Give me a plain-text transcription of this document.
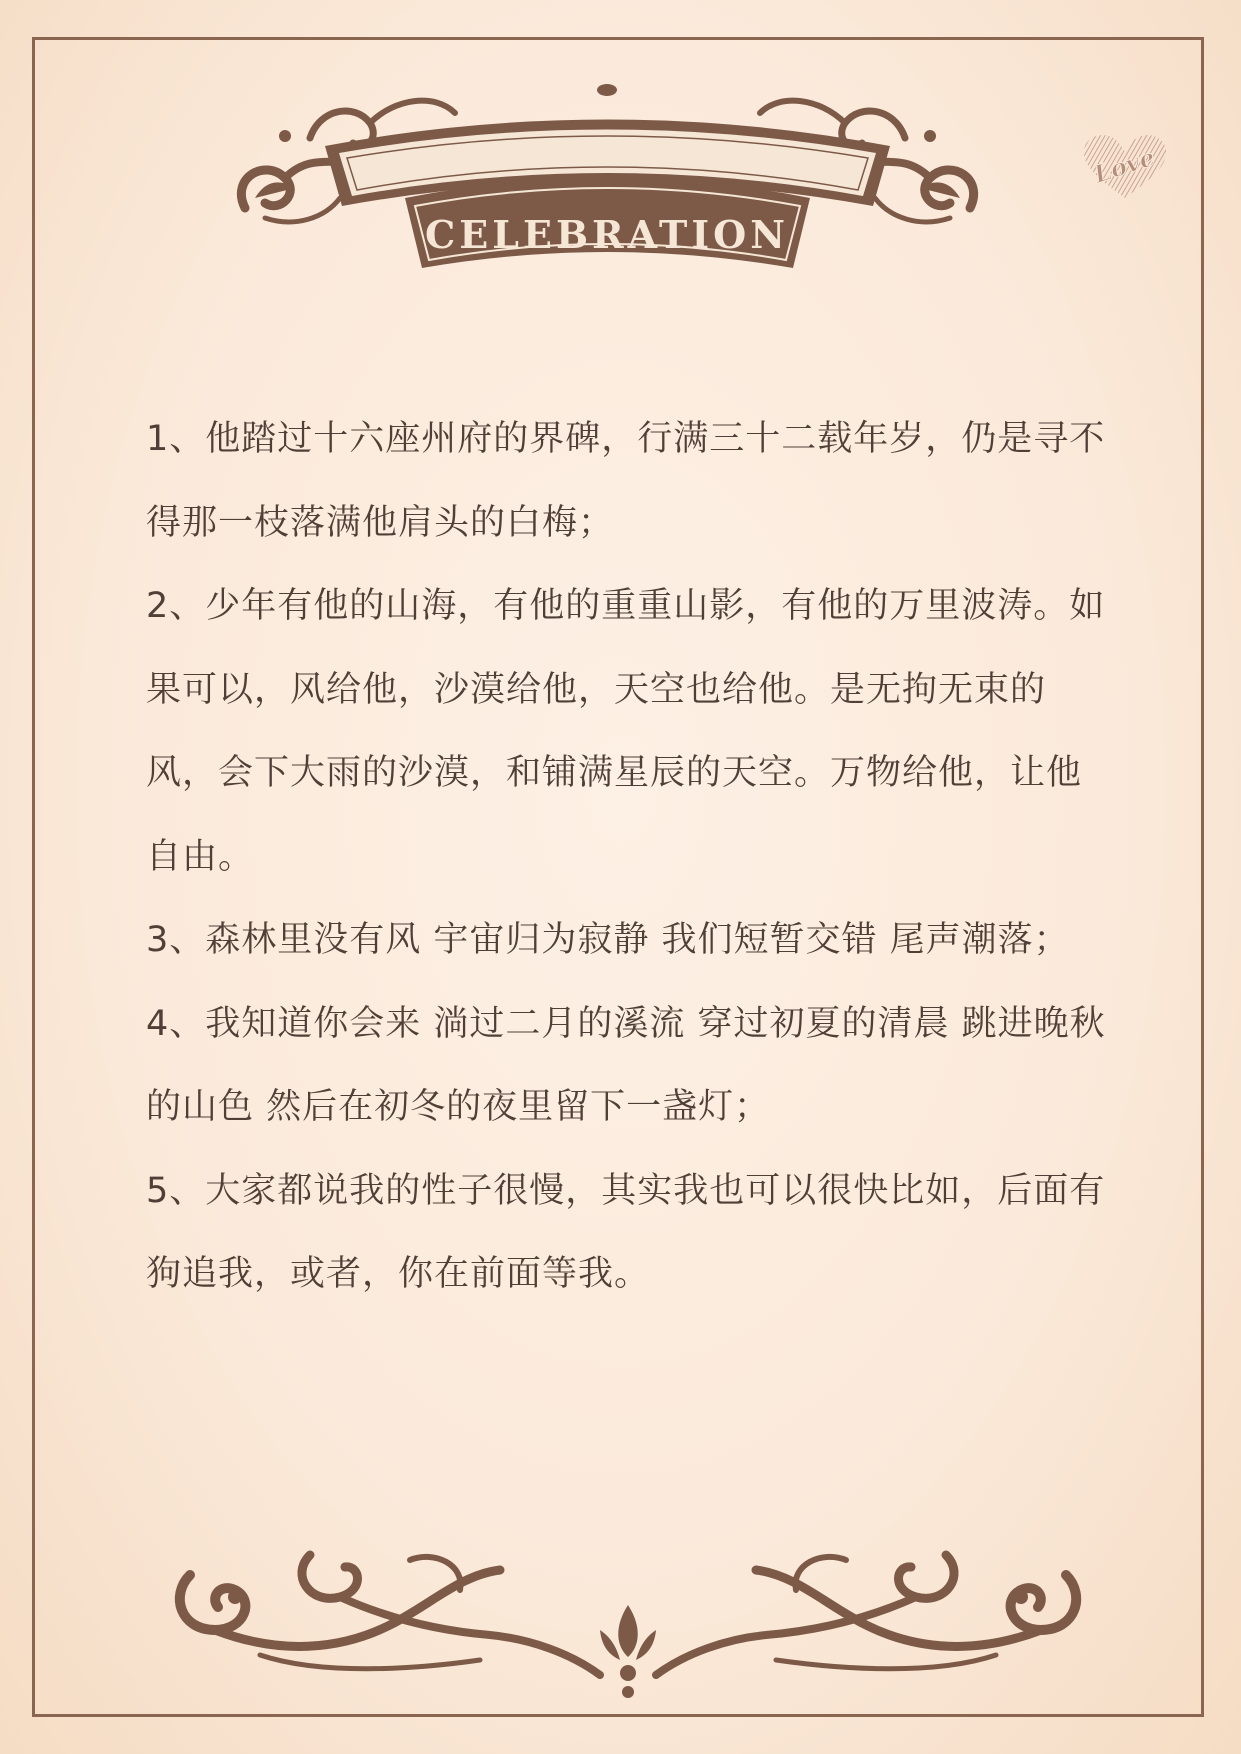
CELEBRATION
Love

1、他踏过十六座州府的界碑，行满三十二载年岁，仍是寻不得那一枝落满他肩头的白梅；

2、少年有他的山海，有他的重重山影，有他的万里波涛。如果可以，风给他，沙漠给他，天空也给他。是无拘无束的风，会下大雨的沙漠，和铺满星辰的天空。万物给他，让他自由。

3、森林里没有风 宇宙归为寂静 我们短暂交错 尾声潮落；

4、我知道你会来 淌过二月的溪流 穿过初夏的清晨 跳进晚秋的山色 然后在初冬的夜里留下一盏灯；

5、大家都说我的性子很慢，其实我也可以很快比如，后面有狗追我，或者，你在前面等我。
